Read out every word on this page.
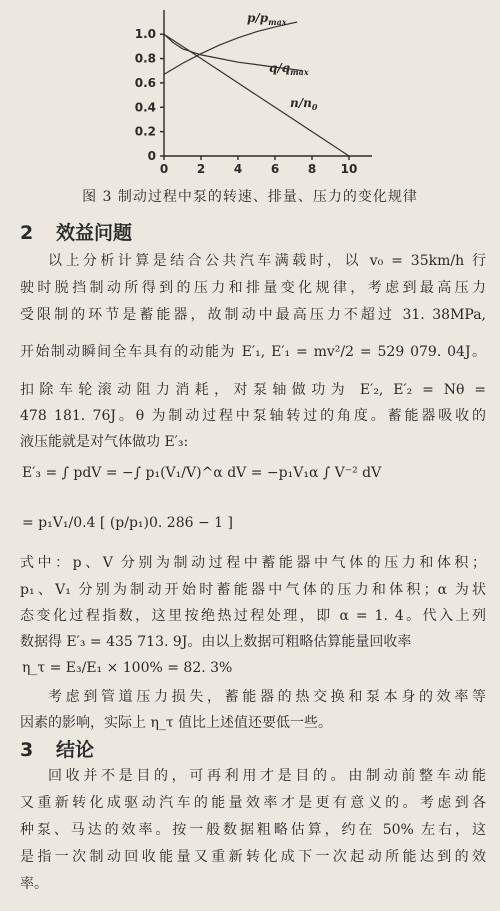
0 2 4 6 8 10
0
0.2
0.4
0.6
0.8
1.0
$p/p_{max}$
$q/q_{max}$
$n/n_0$
图 3 制动过程中泵的转速、排量、压力的变化规律
2 效益问题
以上分析计算是结合公共汽车满载时，以 v₀ = 35km/h 行
驶时脱挡制动所得到的压力和排量变化规律，考虑到最高压力
受限制的环节是蓄能器，故制动中最高压力不超过 31. 38MPa,
开始制动瞬间全车具有的动能为 E′₁, E′₁ = mv²/2 = 529 079. 04J。
扣除车轮滚动阻力消耗，对泵轴做功为 E′₂, E′₂ = Nθ =
478 181. 76J。θ 为制动过程中泵轴转过的角度。蓄能器吸收的
液压能就是对气体做功 E′₃:
E′₃ = ∫ pdV = −∫ p₁(V₁/V)^α dV = −p₁V₁α ∫ V⁻² dV
= p₁V₁/0.4 [ (p/p₁)0. 286 − 1 ]
式中：p、V 分别为制动过程中蓄能器中气体的压力和体积；
p₁、V₁ 分别为制动开始时蓄能器中气体的压力和体积；α 为状
态变化过程指数，这里按绝热过程处理，即 α = 1. 4。代入上列
数据得 E′₃ = 435 713. 9J。由以上数据可粗略估算能量回收率
η_τ = E₃/E₁ × 100% = 82. 3%
考虑到管道压力损失，蓄能器的热交换和泵本身的效率等
因素的影响，实际上 η_τ 值比上述值还要低一些。
3 结论
回收并不是目的，可再利用才是目的。由制动前整车动能
又重新转化成驱动汽车的能量效率才是更有意义的。考虑到各
种泵、马达的效率。按一般数据粗略估算，约在 50% 左右，这
是指一次制动回收能量又重新转化成下一次起动所能达到的效
率。
